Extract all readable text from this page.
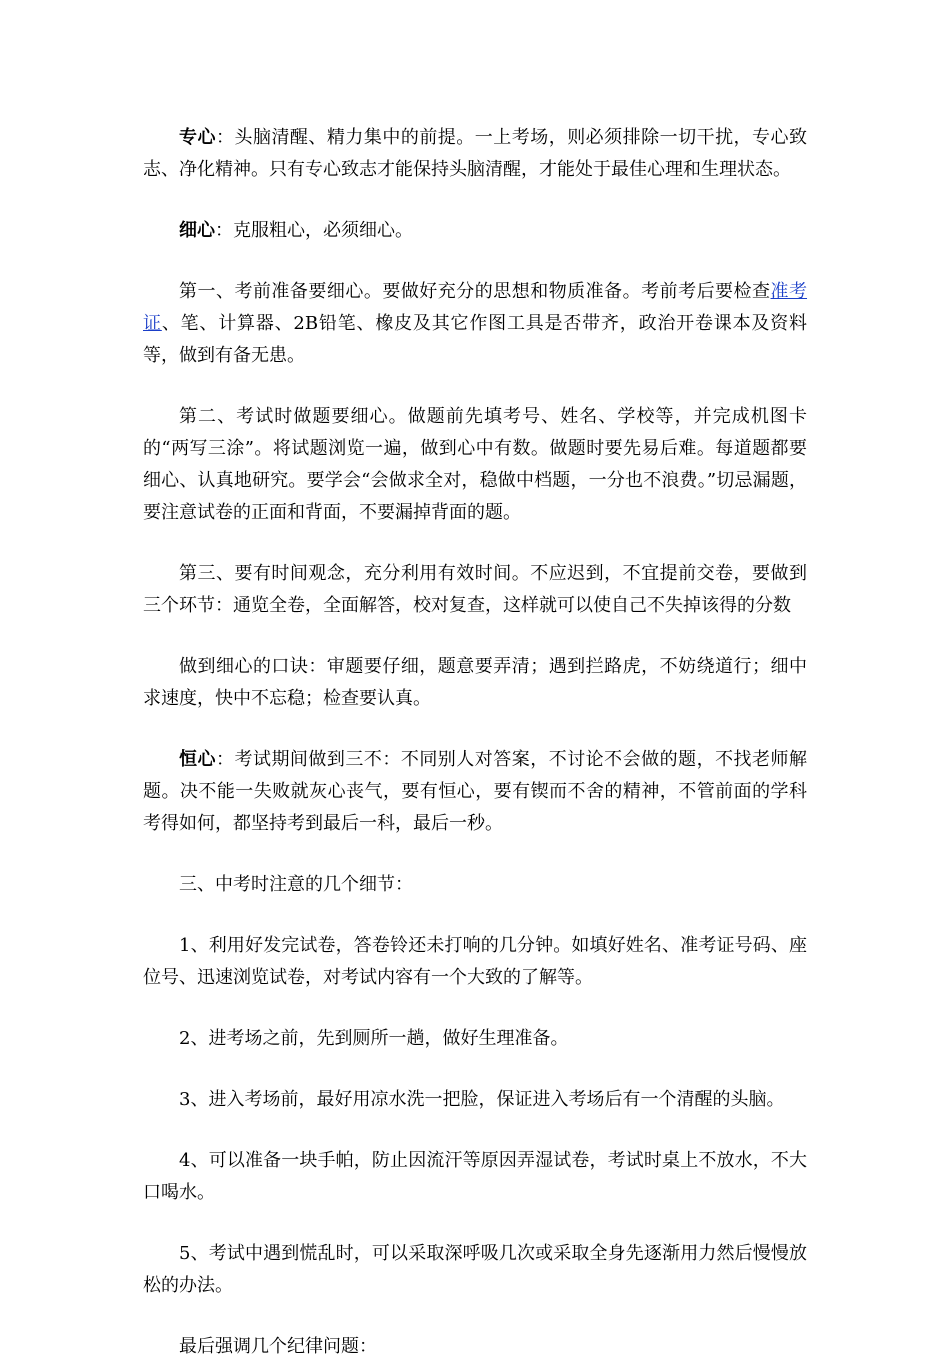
专心：头脑清醒、精力集中的前提。一上考场，则必须排除一切干扰，专心致志、净化精神。只有专心致志才能保持头脑清醒，才能处于最佳心理和生理状态。

细心：克服粗心，必须细心。

第一、考前准备要细心。要做好充分的思想和物质准备。考前考后要检查准考证、笔、计算器、2B铅笔、橡皮及其它作图工具是否带齐，政治开卷课本及资料等，做到有备无患。

第二、考试时做题要细心。做题前先填考号、姓名、学校等，并完成机图卡的“两写三涂”。将试题浏览一遍，做到心中有数。做题时要先易后难。每道题都要细心、认真地研究。要学会“会做求全对，稳做中档题，一分也不浪费。”切忌漏题，要注意试卷的正面和背面，不要漏掉背面的题。

第三、要有时间观念，充分利用有效时间。不应迟到，不宜提前交卷，要做到三个环节：通览全卷，全面解答，校对复查，这样就可以使自己不失掉该得的分数

做到细心的口诀：审题要仔细，题意要弄清；遇到拦路虎，不妨绕道行；细中求速度，快中不忘稳；检查要认真。

恒心：考试期间做到三不：不同别人对答案，不讨论不会做的题，不找老师解题。决不能一失败就灰心丧气，要有恒心，要有锲而不舍的精神，不管前面的学科考得如何，都坚持考到最后一科，最后一秒。

三、中考时注意的几个细节：

1、利用好发完试卷，答卷铃还未打响的几分钟。如填好姓名、准考证号码、座位号、迅速浏览试卷，对考试内容有一个大致的了解等。

2、进考场之前，先到厕所一趟，做好生理准备。

3、进入考场前，最好用凉水洗一把脸，保证进入考场后有一个清醒的头脑。

4、可以准备一块手帕，防止因流汗等原因弄湿试卷，考试时桌上不放水，不大口喝水。

5、考试中遇到慌乱时，可以采取深呼吸几次或采取全身先逐渐用力然后慢慢放松的办法。

最后强调几个纪律问题：
